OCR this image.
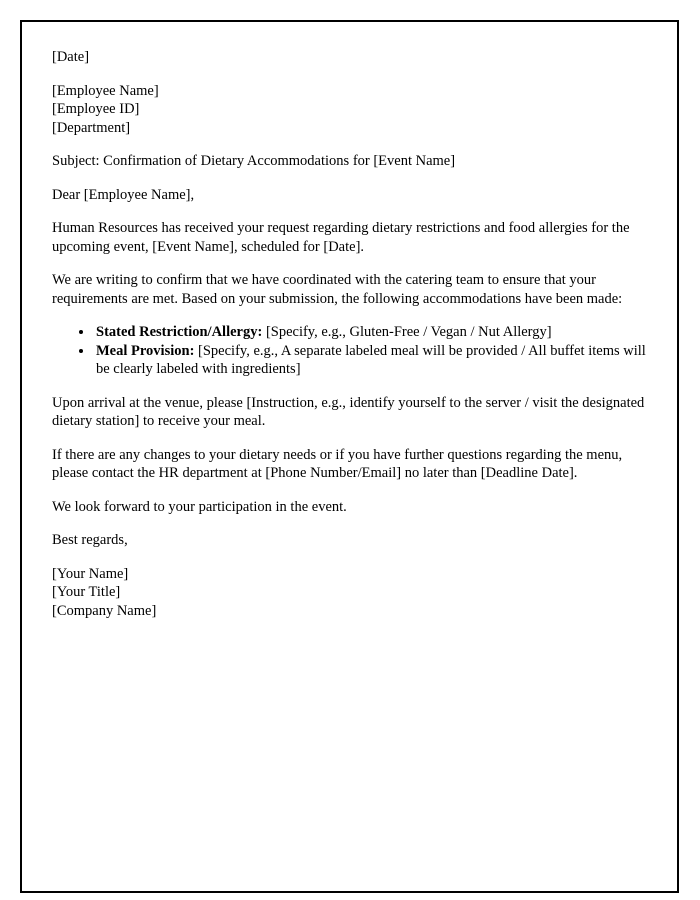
[Date]

[Employee Name]
[Employee ID]
[Department]

Subject: Confirmation of Dietary Accommodations for [Event Name]

Dear [Employee Name],

Human Resources has received your request regarding dietary restrictions and food allergies for the upcoming event, [Event Name], scheduled for [Date].

We are writing to confirm that we have coordinated with the catering team to ensure that your requirements are met. Based on your submission, the following accommodations have been made:

• Stated Restriction/Allergy: [Specify, e.g., Gluten-Free / Vegan / Nut Allergy]
• Meal Provision: [Specify, e.g., A separate labeled meal will be provided / All buffet items will be clearly labeled with ingredients]

Upon arrival at the venue, please [Instruction, e.g., identify yourself to the server / visit the designated dietary station] to receive your meal.

If there are any changes to your dietary needs or if you have further questions regarding the menu, please contact the HR department at [Phone Number/Email] no later than [Deadline Date].

We look forward to your participation in the event.

Best regards,

[Your Name]
[Your Title]
[Company Name]
